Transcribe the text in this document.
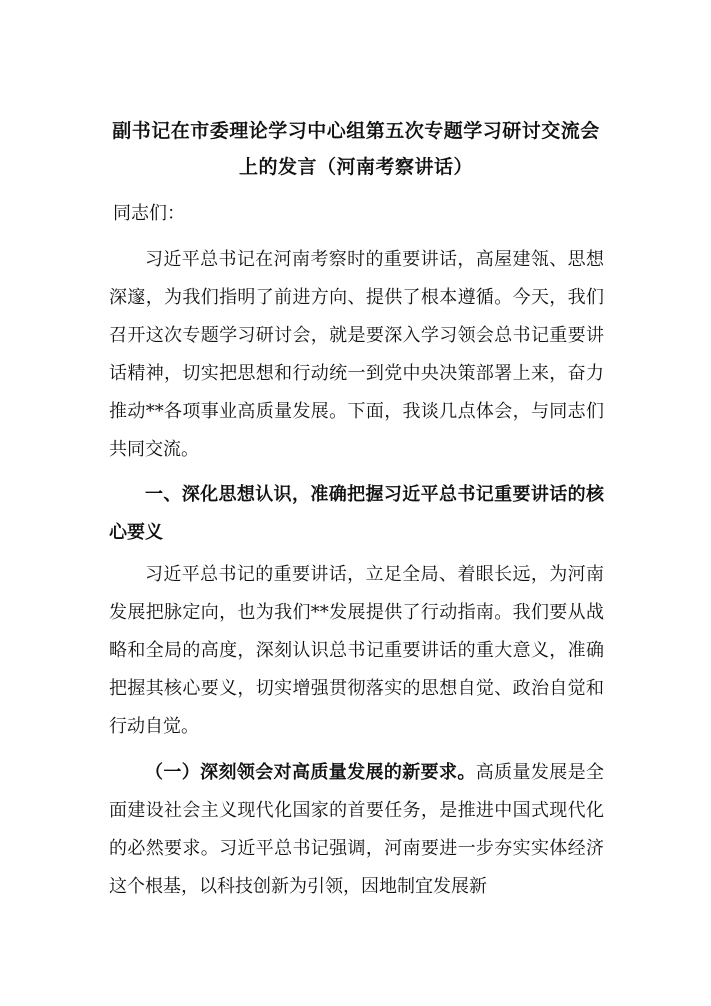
副书记在市委理论学习中心组第五次专题学习研讨交流会上的发言（河南考察讲话）
同志们：

习近平总书记在河南考察时的重要讲话，高屋建瓴、思想深邃，为我们指明了前进方向、提供了根本遵循。今天，我们召开这次专题学习研讨会，就是要深入学习领会总书记重要讲话精神，切实把思想和行动统一到党中央决策部署上来，奋力推动**各项事业高质量发展。下面，我谈几点体会，与同志们共同交流。

一、深化思想认识，准确把握习近平总书记重要讲话的核心要义

习近平总书记的重要讲话，立足全局、着眼长远，为河南发展把脉定向，也为我们**发展提供了行动指南。我们要从战略和全局的高度，深刻认识总书记重要讲话的重大意义，准确把握其核心要义，切实增强贯彻落实的思想自觉、政治自觉和行动自觉。

（一）深刻领会对高质量发展的新要求。高质量发展是全面建设社会主义现代化国家的首要任务，是推进中国式现代化的必然要求。习近平总书记强调，河南要进一步夯实实体经济这个根基，以科技创新为引领，因地制宜发展新
